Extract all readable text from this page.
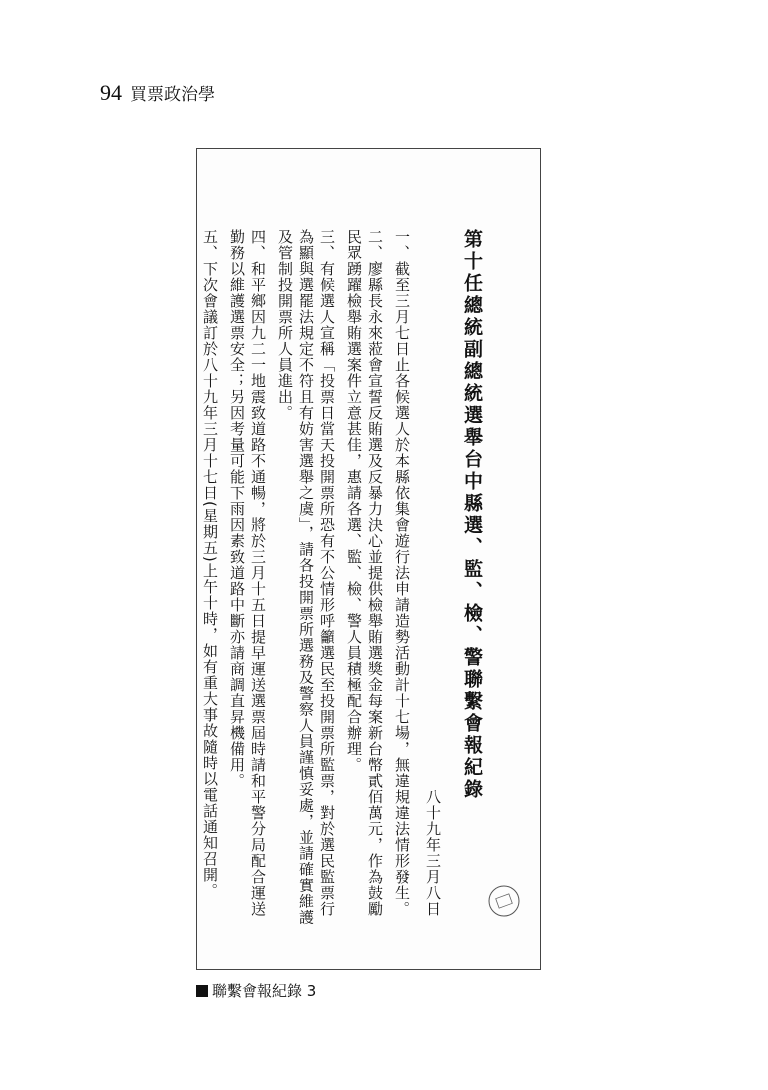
94 買票政治學
第十任總統副總統選舉台中縣選、監、檢、警聯繫會報紀錄
八十九年三月八日
一、截至三月七日止各候選人於本縣依集會遊行法申請造勢活動計十七場，無違規違法情形發生。
二、廖縣長永來蒞會宣誓反賄選及反暴力決心並提供檢舉賄選獎金每案新台幣貳佰萬元，作為鼓勵民眾踴躍檢舉賄選案件立意甚佳，惠請各選、監、檢、警人員積極配合辦理。
三、有候選人宣稱「投票日當天投開票所恐有不公情形呼籲選民至投開票所監票，對於選民監票行為顯與選罷法規定不符且有妨害選舉之虞」，請各投開票所選務及警察人員謹慎妥處，並請確實維護及管制投開票所人員進出。
四、和平鄉因九二一地震致道路不通暢，將於三月十五日提早運送選票屆時請和平警分局配合運送勤務以維護選票安全；另因考量可能下雨因素致道路中斷亦請商調直昇機備用。
五、下次會議訂於八十九年三月十七日(星期五)上午十時，如有重大事故隨時以電話通知召開。
聯繫會報紀錄 3
